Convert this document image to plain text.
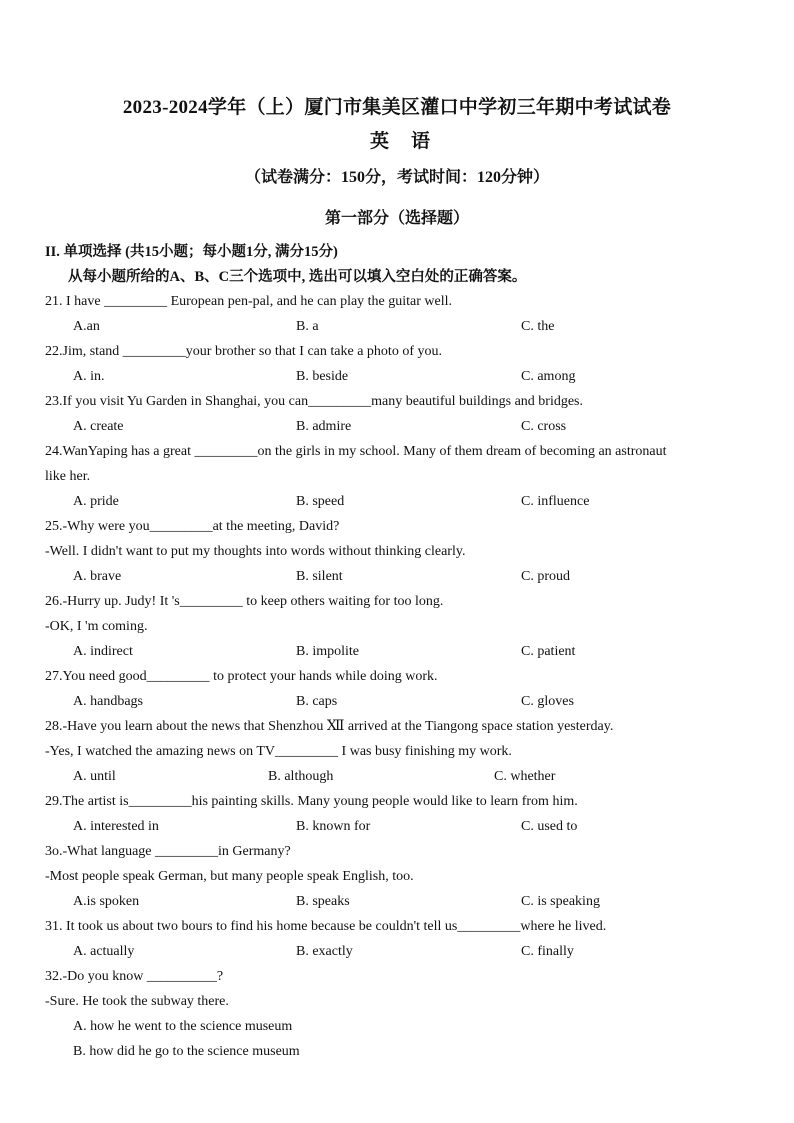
2023-2024学年（上）厦门市集美区灌口中学初三年期中考试试卷
英语
（试卷满分：150分，考试时间：120分钟）
第一部分（选择题）
II. 单项选择 (共15小题；每小题1分, 满分15分)
从每小题所给的A、B、C三个选项中, 选出可以填入空白处的正确答案。
21. I have _________ European pen-pal, and he can play the guitar well.
A.an	B. a	C. the
22.Jim, stand _________your brother so that I can take a photo of you.
A. in.	B. beside	C. among
23.If you visit Yu Garden in Shanghai, you can_________many beautiful buildings and bridges.
A. create	B. admire	C. cross
24.WanYaping has a great _________on the girls in my school. Many of them dream of becoming an astronaut
like her.
A. pride	B. speed	C. influence
25.-Why were you_________at the meeting, David?
-Well. I didn't want to put my thoughts into words without thinking clearly.
A. brave	B. silent	C. proud
26.-Hurry up. Judy! It 's_________ to keep others waiting for too long.
-OK, I 'm coming.
A. indirect	B. impolite	C. patient
27.You need good_________ to protect your hands while doing work.
A. handbags	B. caps	C. gloves
28.-Have you learn about the news that Shenzhou Ⅻ arrived at the Tiangong space station yesterday.
-Yes, I watched the amazing news on TV_________ I was busy finishing my work.
A. until	B. although	C. whether
29.The artist is_________his painting skills. Many young people would like to learn from him.
A. interested in	B. known for	C. used to
3o.-What language _________in Germany?
-Most people speak German, but many people speak English, too.
A.is spoken	B. speaks	C. is speaking
31. It took us about two bours to find his home because be couldn't tell us_________where he lived.
A. actually	B. exactly	C. finally
32.-Do you know __________?
-Sure. He took the subway there.
A. how he went to the science museum
B. how did he go to the science museum
